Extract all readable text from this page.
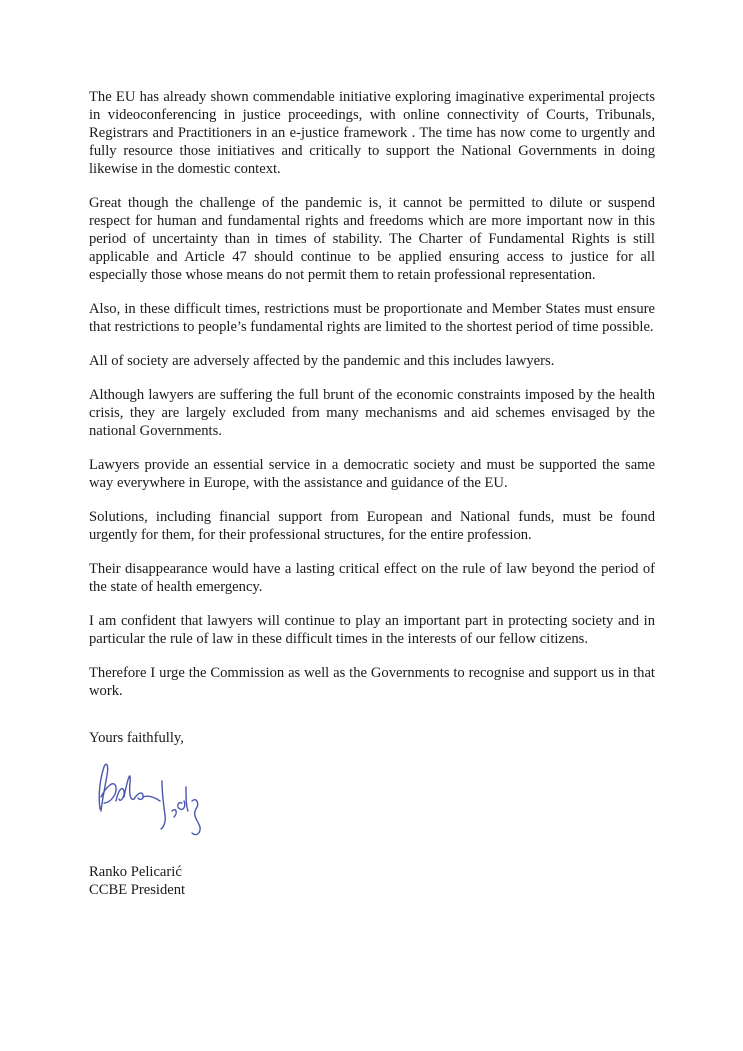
The EU has already shown commendable initiative exploring imaginative experimental projects in videoconferencing in justice proceedings, with online connectivity of Courts, Tribunals, Registrars and Practitioners in an e-justice framework . The time has now come to urgently and fully resource those initiatives and critically to support the National Governments in doing likewise in the domestic context.

Great though the challenge of the pandemic is, it cannot be permitted to dilute or suspend respect for human and fundamental rights and freedoms which are more important now in this period of uncertainty than in times of stability. The Charter of Fundamental Rights is still applicable and Article 47 should continue to be applied ensuring access to justice for all especially those whose means do not permit them to retain professional representation.

Also, in these difficult times, restrictions must be proportionate and Member States must ensure that restrictions to people’s fundamental rights are limited to the shortest period of time possible.

All of society are adversely affected by the pandemic and this includes lawyers.

Although lawyers are suffering the full brunt of the economic constraints imposed by the health crisis, they are largely excluded from many mechanisms and aid schemes envisaged by the national Governments.

Lawyers provide an essential service in a democratic society and must be supported the same way everywhere in Europe, with the assistance and guidance of the EU.

Solutions, including financial support from European and National funds, must be found urgently for them, for their professional structures, for the entire profession.

Their disappearance would have a lasting critical effect on the rule of law beyond the period of the state of health emergency.

I am confident that lawyers will continue to play an important part in protecting society and in particular the rule of law in these difficult times in the interests of our fellow citizens.

Therefore I urge the Commission as well as the Governments to recognise and support us in that work.

Yours faithfully,

Ranko Pelicarić
CCBE President
